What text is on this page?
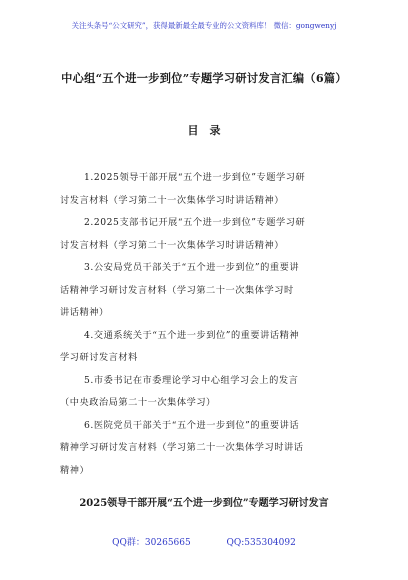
关注头条号“公文研究”，获得最新最全最专业的公文资料库！ 微信：gongwenyj
中心组“五个进一步到位”专题学习研讨发言汇编（6篇）
目　录
1.2025领导干部开展“五个进一步到位”专题学习研
讨发言材料（学习第二十一次集体学习时讲话精神）
2.2025支部书记开展“五个进一步到位”专题学习研
讨发言材料（学习第二十一次集体学习时讲话精神）
3.公安局党员干部关于“五个进一步到位”的重要讲
话精神学习研讨发言材料（学习第二十一次集体学习时
讲话精神）
4.交通系统关于“五个进一步到位”的重要讲话精神
学习研讨发言材料
5.市委书记在市委理论学习中心组学习会上的发言
（中央政治局第二十一次集体学习）
6.医院党员干部关于“五个进一步到位”的重要讲话
精神学习研讨发言材料（学习第二十一次集体学习时讲话
精神）
2025领导干部开展“五个进一步到位”专题学习研讨发言
QQ群：30265665	QQ:535304092
